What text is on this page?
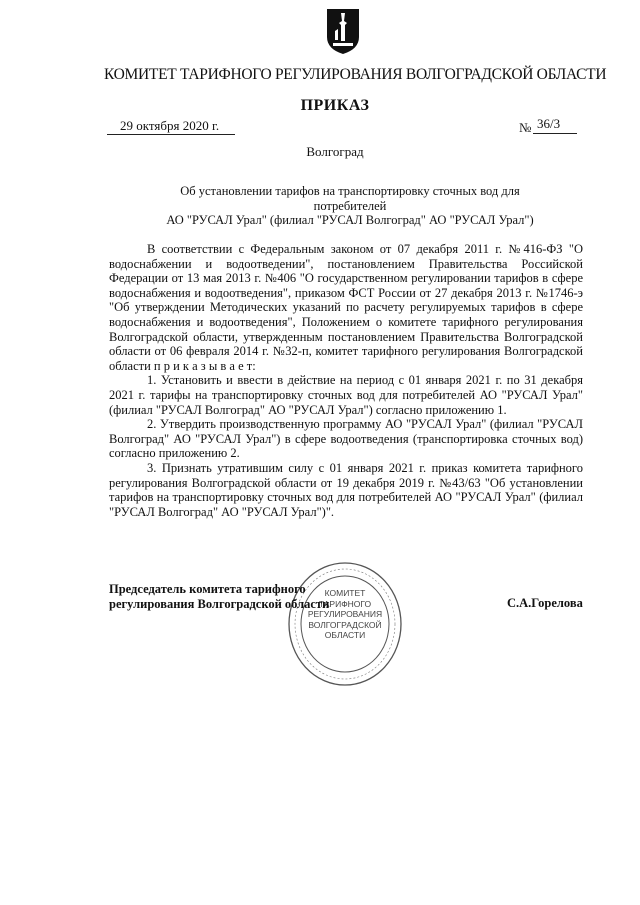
КОМИТЕТ ТАРИФНОГО РЕГУЛИРОВАНИЯ ВОЛГОГРАДСКОЙ ОБЛАСТИ
ПРИКАЗ
29 октября 2020 г.	№ 36/3
Волгоград
Об установлении тарифов на транспортировку сточных вод для потребителей
АО "РУСАЛ Урал" (филиал "РУСАЛ Волгоград" АО "РУСАЛ Урал")

В соответствии с Федеральным законом от 07 декабря 2011 г. №416-ФЗ "О водоснабжении и водоотведении", постановлением Правительства Российской Федерации от 13 мая 2013 г. №406 "О государственном регулировании тарифов в сфере водоснабжения и водоотведения", приказом ФСТ России от 27 декабря 2013 г. №1746-э "Об утверждении Методических указаний по расчету регулируемых тарифов в сфере водоснабжения и водоотведения", Положением о комитете тарифного регулирования Волгоградской области, утвержденным постановлением Правительства Волгоградской области от 06 февраля 2014 г. №32-п, комитет тарифного регулирования Волгоградской области п р и к а з ы в а е т:

1. Установить и ввести в действие на период с 01 января 2021 г. по 31 декабря 2021 г. тарифы на транспортировку сточных вод для потребителей АО "РУСАЛ Урал" (филиал "РУСАЛ Волгоград" АО "РУСАЛ Урал") согласно приложению 1.

2. Утвердить производственную программу АО "РУСАЛ Урал" (филиал "РУСАЛ Волгоград" АО "РУСАЛ Урал") в сфере водоотведения (транспортировка сточных вод) согласно приложению 2.

3. Признать утратившим силу с 01 января 2021 г. приказ комитета тарифного регулирования Волгоградской области от 19 декабря 2019 г. №43/63 "Об установлении тарифов на транспортировку сточных вод для потребителей АО "РУСАЛ Урал" (филиал "РУСАЛ Волгоград" АО "РУСАЛ Урал")".

КОМИТЕТ
ТАРИФНОГО
РЕГУЛИРОВАНИЯ
ВОЛГОГРАДСКОЙ
ОБЛАСТИ
Председатель комитета тарифного
регулирования Волгоградской области	С.А.Горелова
